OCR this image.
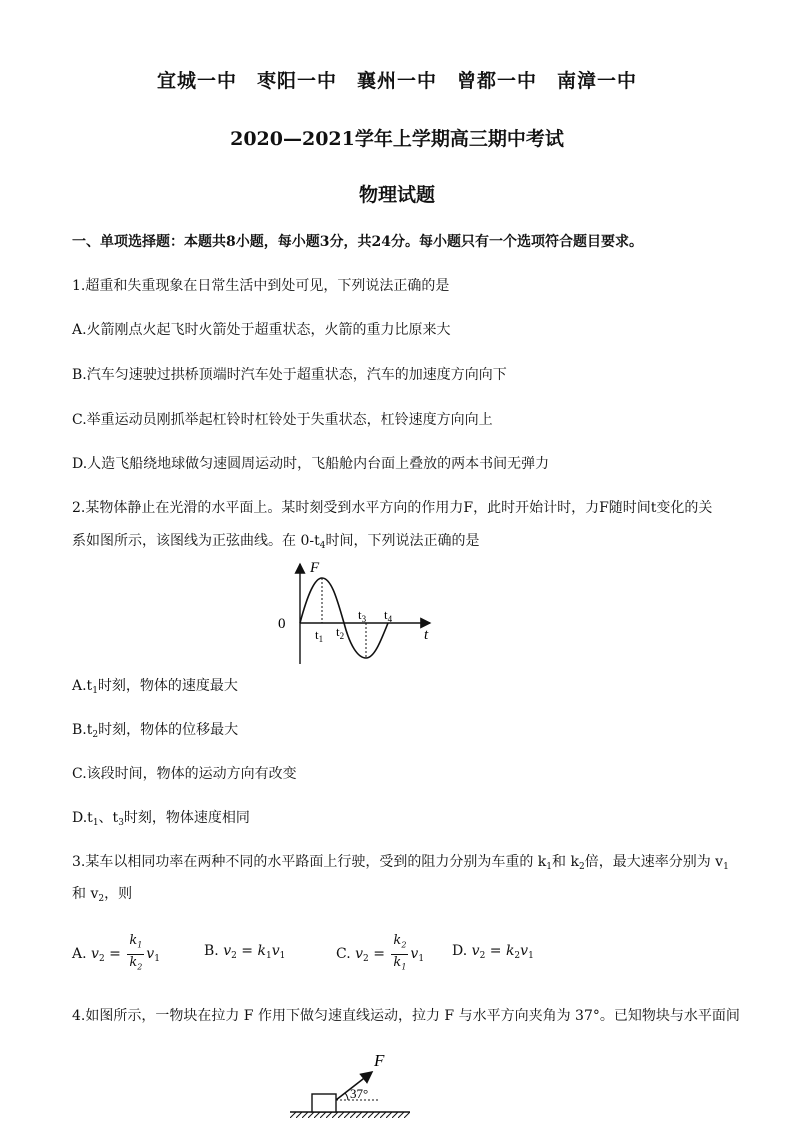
宜城一中　枣阳一中　襄州一中　曾都一中　南漳一中
2020—2021学年上学期高三期中考试
物理试题
一、单项选择题：本题共8小题，每小题3分，共24分。每小题只有一个选项符合题目要求。
1.超重和失重现象在日常生活中到处可见，下列说法正确的是
A.火箭刚点火起飞时火箭处于超重状态，火箭的重力比原来大
B.汽车匀速驶过拱桥顶端时汽车处于超重状态，汽车的加速度方向向下
C.举重运动员刚抓举起杠铃时杠铃处于失重状态，杠铃速度方向向上
D.人造飞船绕地球做匀速圆周运动时，飞船舱内台面上叠放的两本书间无弹力
2.某物体静止在光滑的水平面上。某时刻受到水平方向的作用力F，此时开始计时，力F随时间t变化的关
系如图所示，该图线为正弦曲线。在 $0-t_4$时间，下列说法正确的是
F
0
t
$t_1$ $t_2$
$t_3$ $t_4$
$A.t_1$时刻，物体的速度最大
$B.t_2$时刻，物体的位移最大
C.该段时间，物体的运动方向有改变
$D.t_1$、$t_3$时刻，物体速度相同
3.某车以相同功率在两种不同的水平路面上行驶，受到的阻力分别为车重的 $k_1$和 $k_2$倍，最大速率分别为 $v_1$
和 $v_2$，则
A. $v_2 = \frac{k_1}{k_2} v_1$
B. $v_2 = k_1v_1$	C. $v_2 = \frac{k_2}{k_1} v_1$
D. $v_2 = k_2v_1$
4.如图所示，一物块在拉力 F 作用下做匀速直线运动，拉力 F 与水平方向夹角为 37°。已知物块与水平面间
F
37°
